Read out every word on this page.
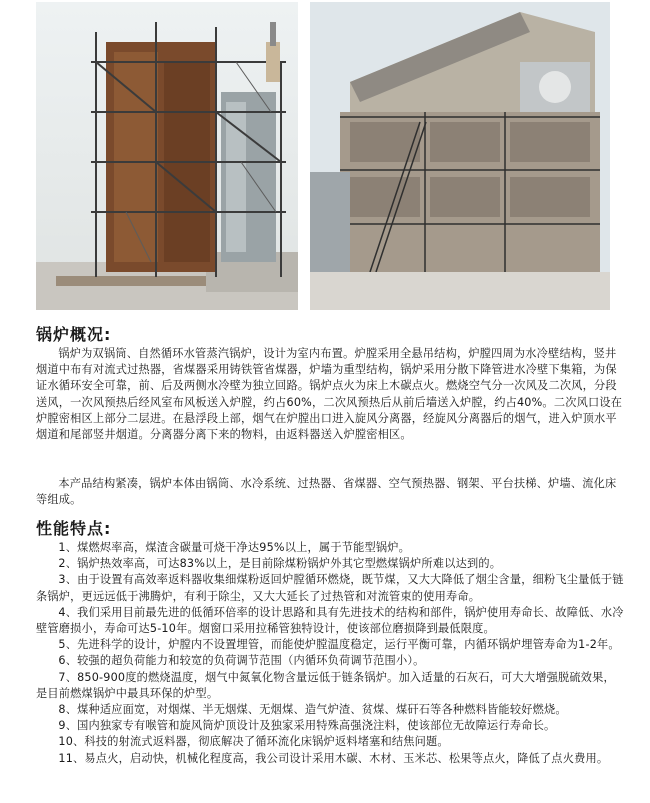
锅炉概况:

锅炉为双锅筒、自然循环水管蒸汽锅炉，设计为室内布置。炉膛采用全悬吊结构，炉膛四周为水冷壁结构，竖井烟道中布有对流式过热器，省煤器采用铸铁管省煤器，炉墙为重型结构，锅炉采用分散下降管进水冷壁下集箱，为保证水循环安全可靠，前、后及两侧水冷壁为独立回路。锅炉点火为床上木碳点火。燃烧空气分一次风及二次风，分段送风，一次风预热后经风室布风板送入炉膛，约占60%，二次风预热后从前后墙送入炉膛，约占40%。二次风口设在炉膛密相区上部分二层进。在悬浮段上部，烟气在炉膛出口进入旋风分离器，经旋风分离器后的烟气，进入炉顶水平烟道和尾部竖井烟道。分离器分离下来的物料，由返料器送入炉膛密相区。

本产品结构紧凑，锅炉本体由锅筒、水冷系统、过热器、省煤器、空气预热器、钢架、平台扶梯、炉墙、流化床等组成。

性能特点:
1、煤燃烬率高，煤渣含碳量可烧干净达95%以上，属于节能型锅炉。
2、锅炉热效率高，可达83%以上，是目前除煤粉锅炉外其它型燃煤锅炉所难以达到的。
3、由于设置有高效率返料器收集细煤粉返回炉膛循环燃烧，既节煤，又大大降低了烟尘含量，细粉飞尘量低于链条锅炉，更远远低于沸腾炉，有利于除尘，又大大延长了过热管和对流管束的使用寿命。
4、我们采用目前最先进的低循环倍率的设计思路和具有先进技术的结构和部件，锅炉使用寿命长、故障低、水冷壁管磨损小，寿命可达5-10年。烟窗口采用拉稀管独特设计，使该部位磨损降到最低限度。
5、先进科学的设计，炉膛内不设置埋管，而能使炉膛温度稳定，运行平衡可靠，内循环锅炉埋管寿命为1-2年。
6、较强的超负荷能力和较宽的负荷调节范围（内循环负荷调节范围小）。
7、850-900度的燃烧温度，烟气中氮氧化物含量远低于链条锅炉。加入适量的石灰石，可大大增强脱硫效果，是目前燃煤锅炉中最具环保的炉型。
8、煤种适应面宽，对烟煤、半无烟煤、无烟煤、造气炉渣、贫煤、煤矸石等各种燃料皆能较好燃烧。
9、国内独家专有喉管和旋风筒炉顶设计及独家采用特殊高强浇注料，使该部位无故障运行寿命长。
10、科技的射流式返料器，彻底解决了循环流化床锅炉返料堵塞和结焦问题。
11、易点火，启动快，机械化程度高，我公司设计采用木碳、木材、玉米芯、松果等点火，降低了点火费用。
